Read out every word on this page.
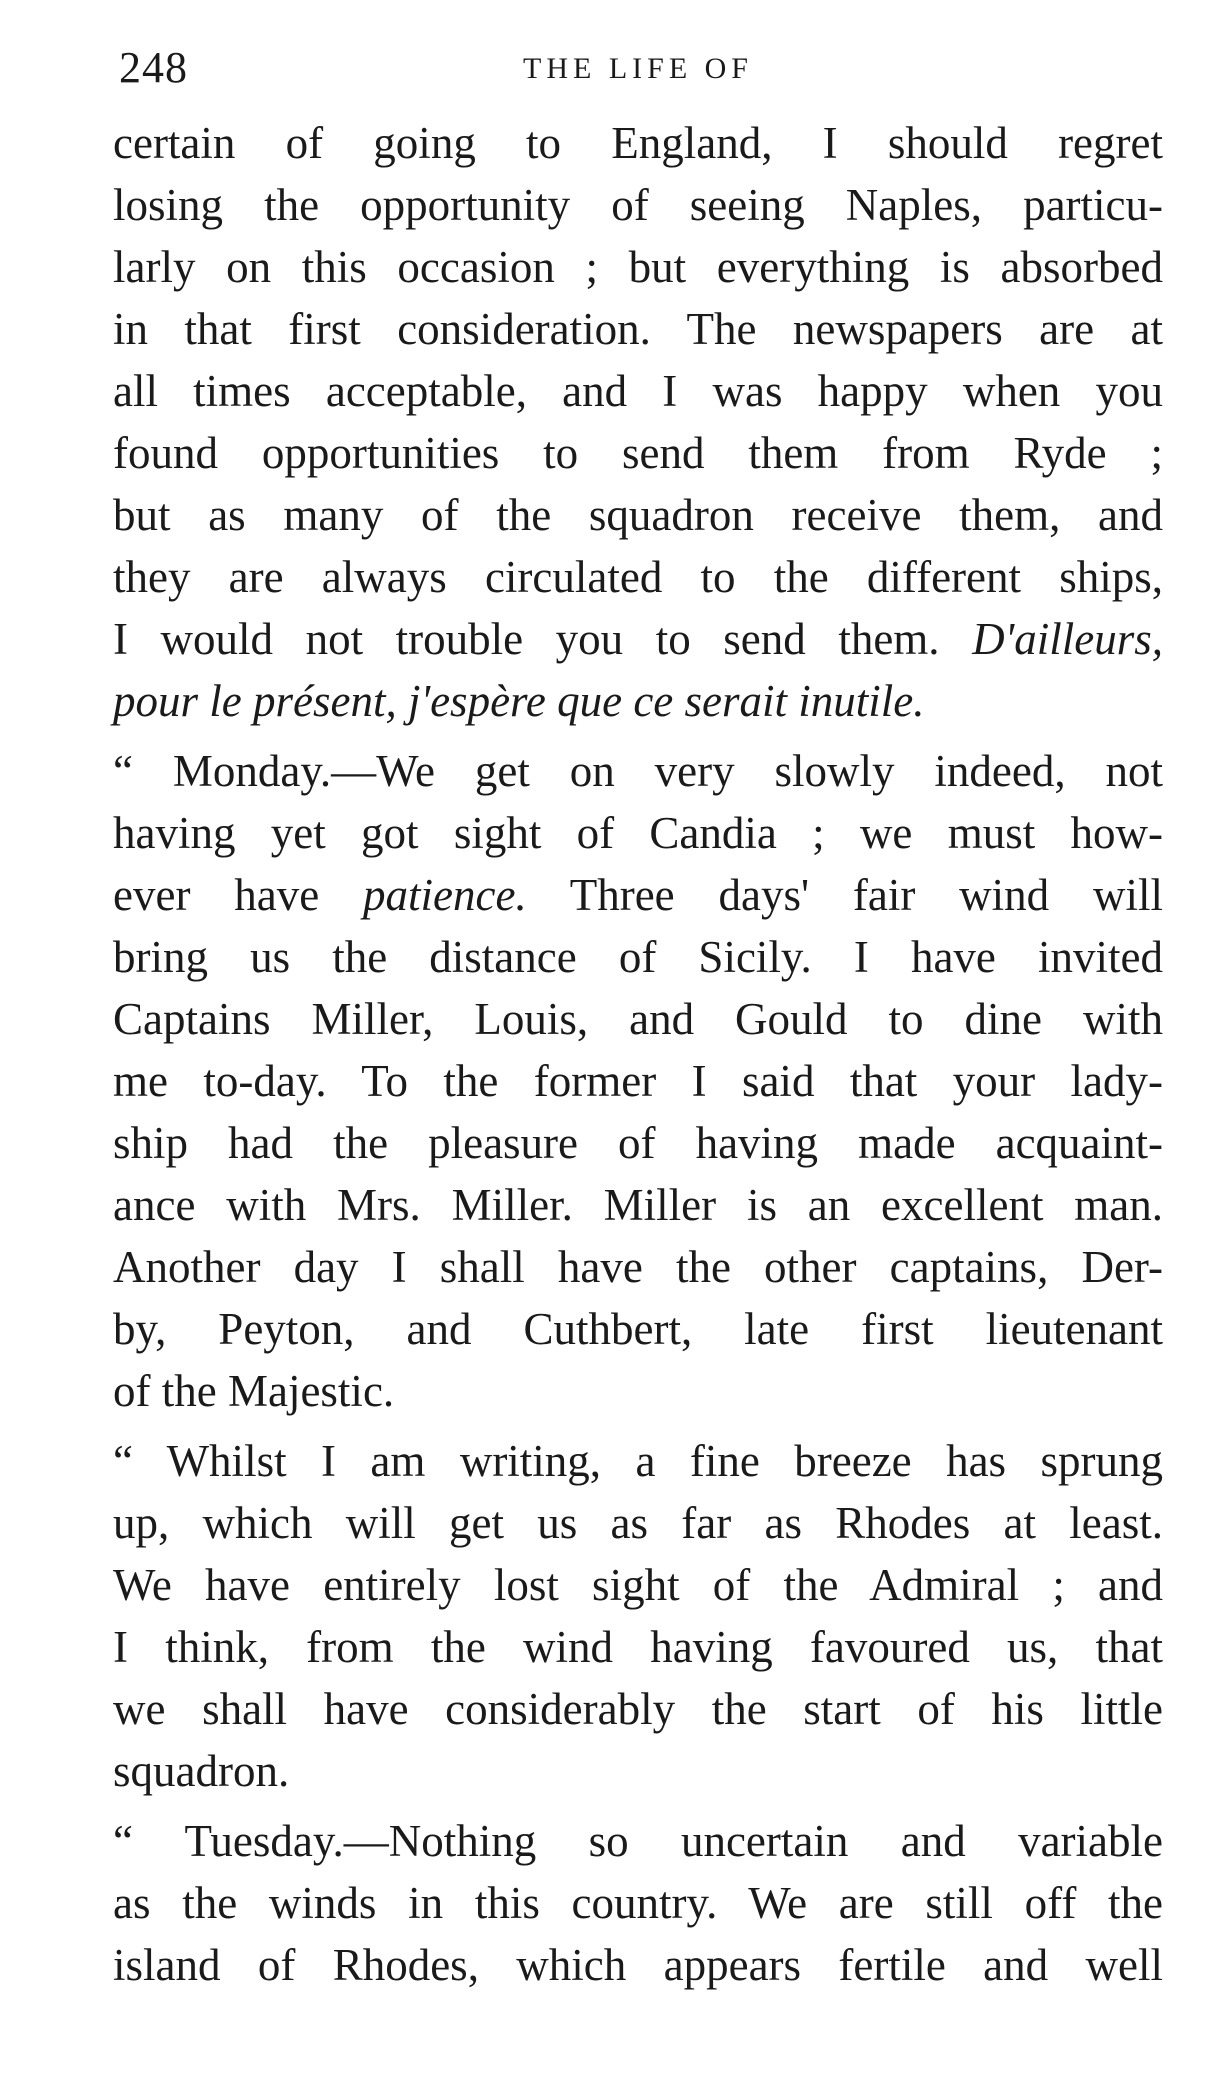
248	THE LIFE OF
certain of going to England, I should regret
losing the opportunity of seeing Naples, particu-
larly on this occasion ; but everything is absorbed
in that first consideration. The newspapers are at
all times acceptable, and I was happy when you
found opportunities to send them from Ryde ;
but as many of the squadron receive them, and
they are always circulated to the different ships,
I would not trouble you to send them. D'ailleurs,
pour le présent, j'espère que ce serait inutile.
“ Monday.—We get on very slowly indeed, not
having yet got sight of Candia ; we must how-
ever have patience. Three days' fair wind will
bring us the distance of Sicily. I have invited
Captains Miller, Louis, and Gould to dine with
me to-day. To the former I said that your lady-
ship had the pleasure of having made acquaint-
ance with Mrs. Miller. Miller is an excellent man.
Another day I shall have the other captains, Der-
by, Peyton, and Cuthbert, late first lieutenant
of the Majestic.
“ Whilst I am writing, a fine breeze has sprung
up, which will get us as far as Rhodes at least.
We have entirely lost sight of the Admiral ; and
I think, from the wind having favoured us, that
we shall have considerably the start of his little
squadron.
“ Tuesday.—Nothing so uncertain and variable
as the winds in this country. We are still off the
island of Rhodes, which appears fertile and well
